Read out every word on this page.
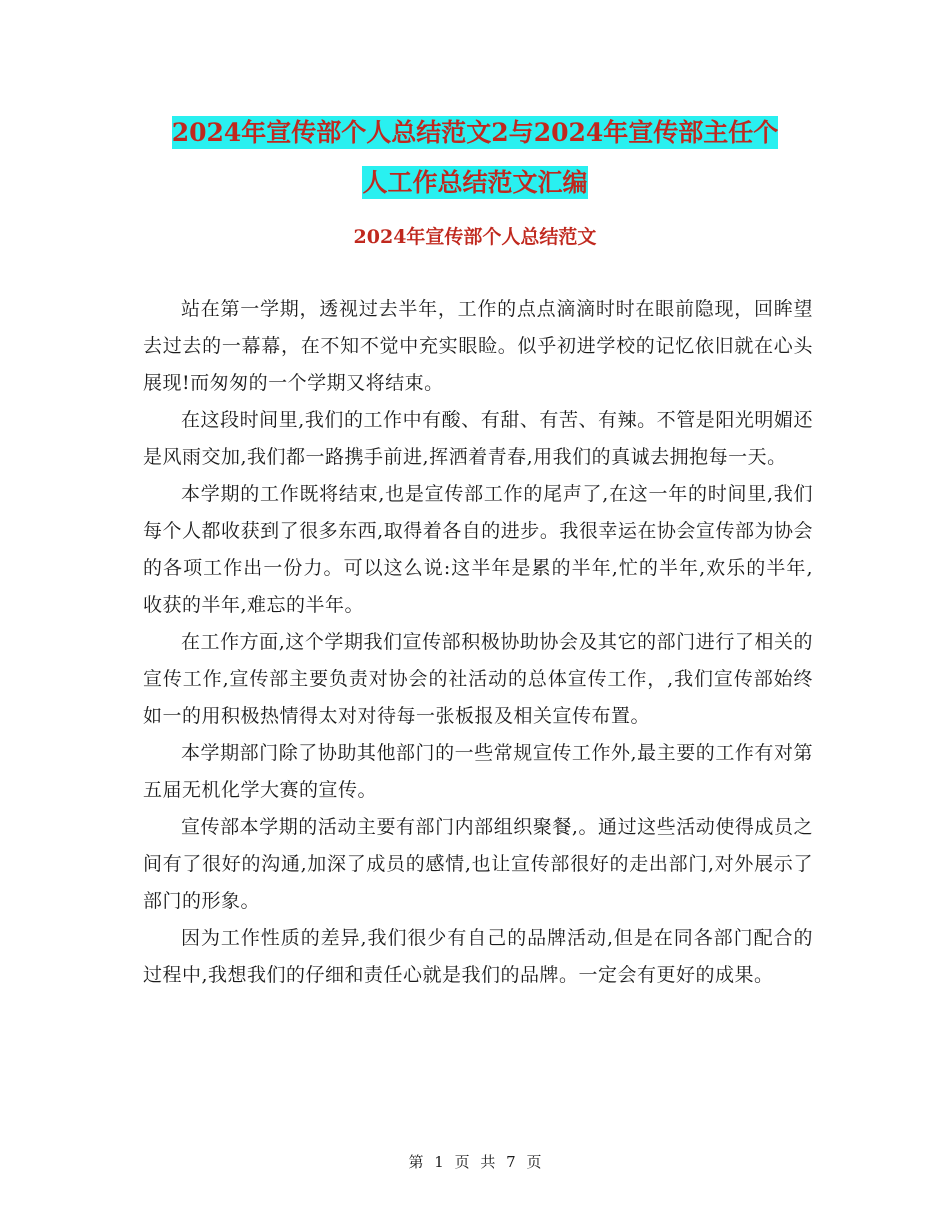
2024年宣传部个人总结范文2与2024年宣传部主任个
人工作总结范文汇编
2024年宣传部个人总结范文

站在第一学期，透视过去半年，工作的点点滴滴时时在眼前隐现，回眸望去过去的一幕幕，在不知不觉中充实眼睑。似乎初进学校的记忆依旧就在心头展现!而匆匆的一个学期又将结束。

在这段时间里,我们的工作中有酸、有甜、有苦、有辣。不管是阳光明媚还是风雨交加,我们都一路携手前进,挥洒着青春,用我们的真诚去拥抱每一天。

本学期的工作既将结束,也是宣传部工作的尾声了,在这一年的时间里,我们每个人都收获到了很多东西,取得着各自的进步。我很幸运在协会宣传部为协会的各项工作出一份力。可以这么说:这半年是累的半年,忙的半年,欢乐的半年,收获的半年,难忘的半年。

在工作方面,这个学期我们宣传部积极协助协会及其它的部门进行了相关的宣传工作,宣传部主要负责对协会的社活动的总体宣传工作，,我们宣传部始终如一的用积极热情得太对对待每一张板报及相关宣传布置。

本学期部门除了协助其他部门的一些常规宣传工作外,最主要的工作有对第五届无机化学大赛的宣传。

宣传部本学期的活动主要有部门内部组织聚餐,。通过这些活动使得成员之间有了很好的沟通,加深了成员的感情,也让宣传部很好的走出部门,对外展示了部门的形象。

因为工作性质的差异,我们很少有自己的品牌活动,但是在同各部门配合的过程中,我想我们的仔细和责任心就是我们的品牌。一定会有更好的成果。

第 1 页 共 7 页
